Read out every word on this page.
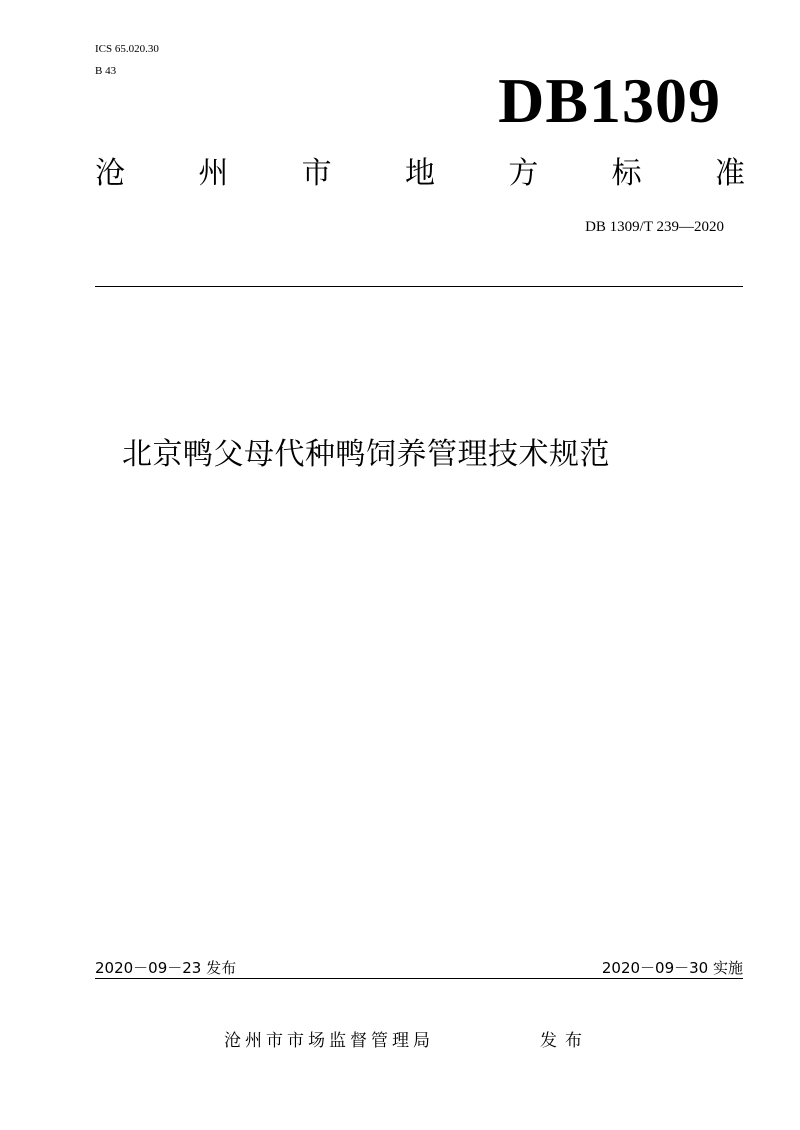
ICS 65.020.30
B 43	DB1309
沧 州 市 地 方 标 准
DB 1309/T 239—2020
北京鸭父母代种鸭饲养管理技术规范
2020－09－23 发布	2020－09－30 实施
沧州市市场监督管理局	发布
